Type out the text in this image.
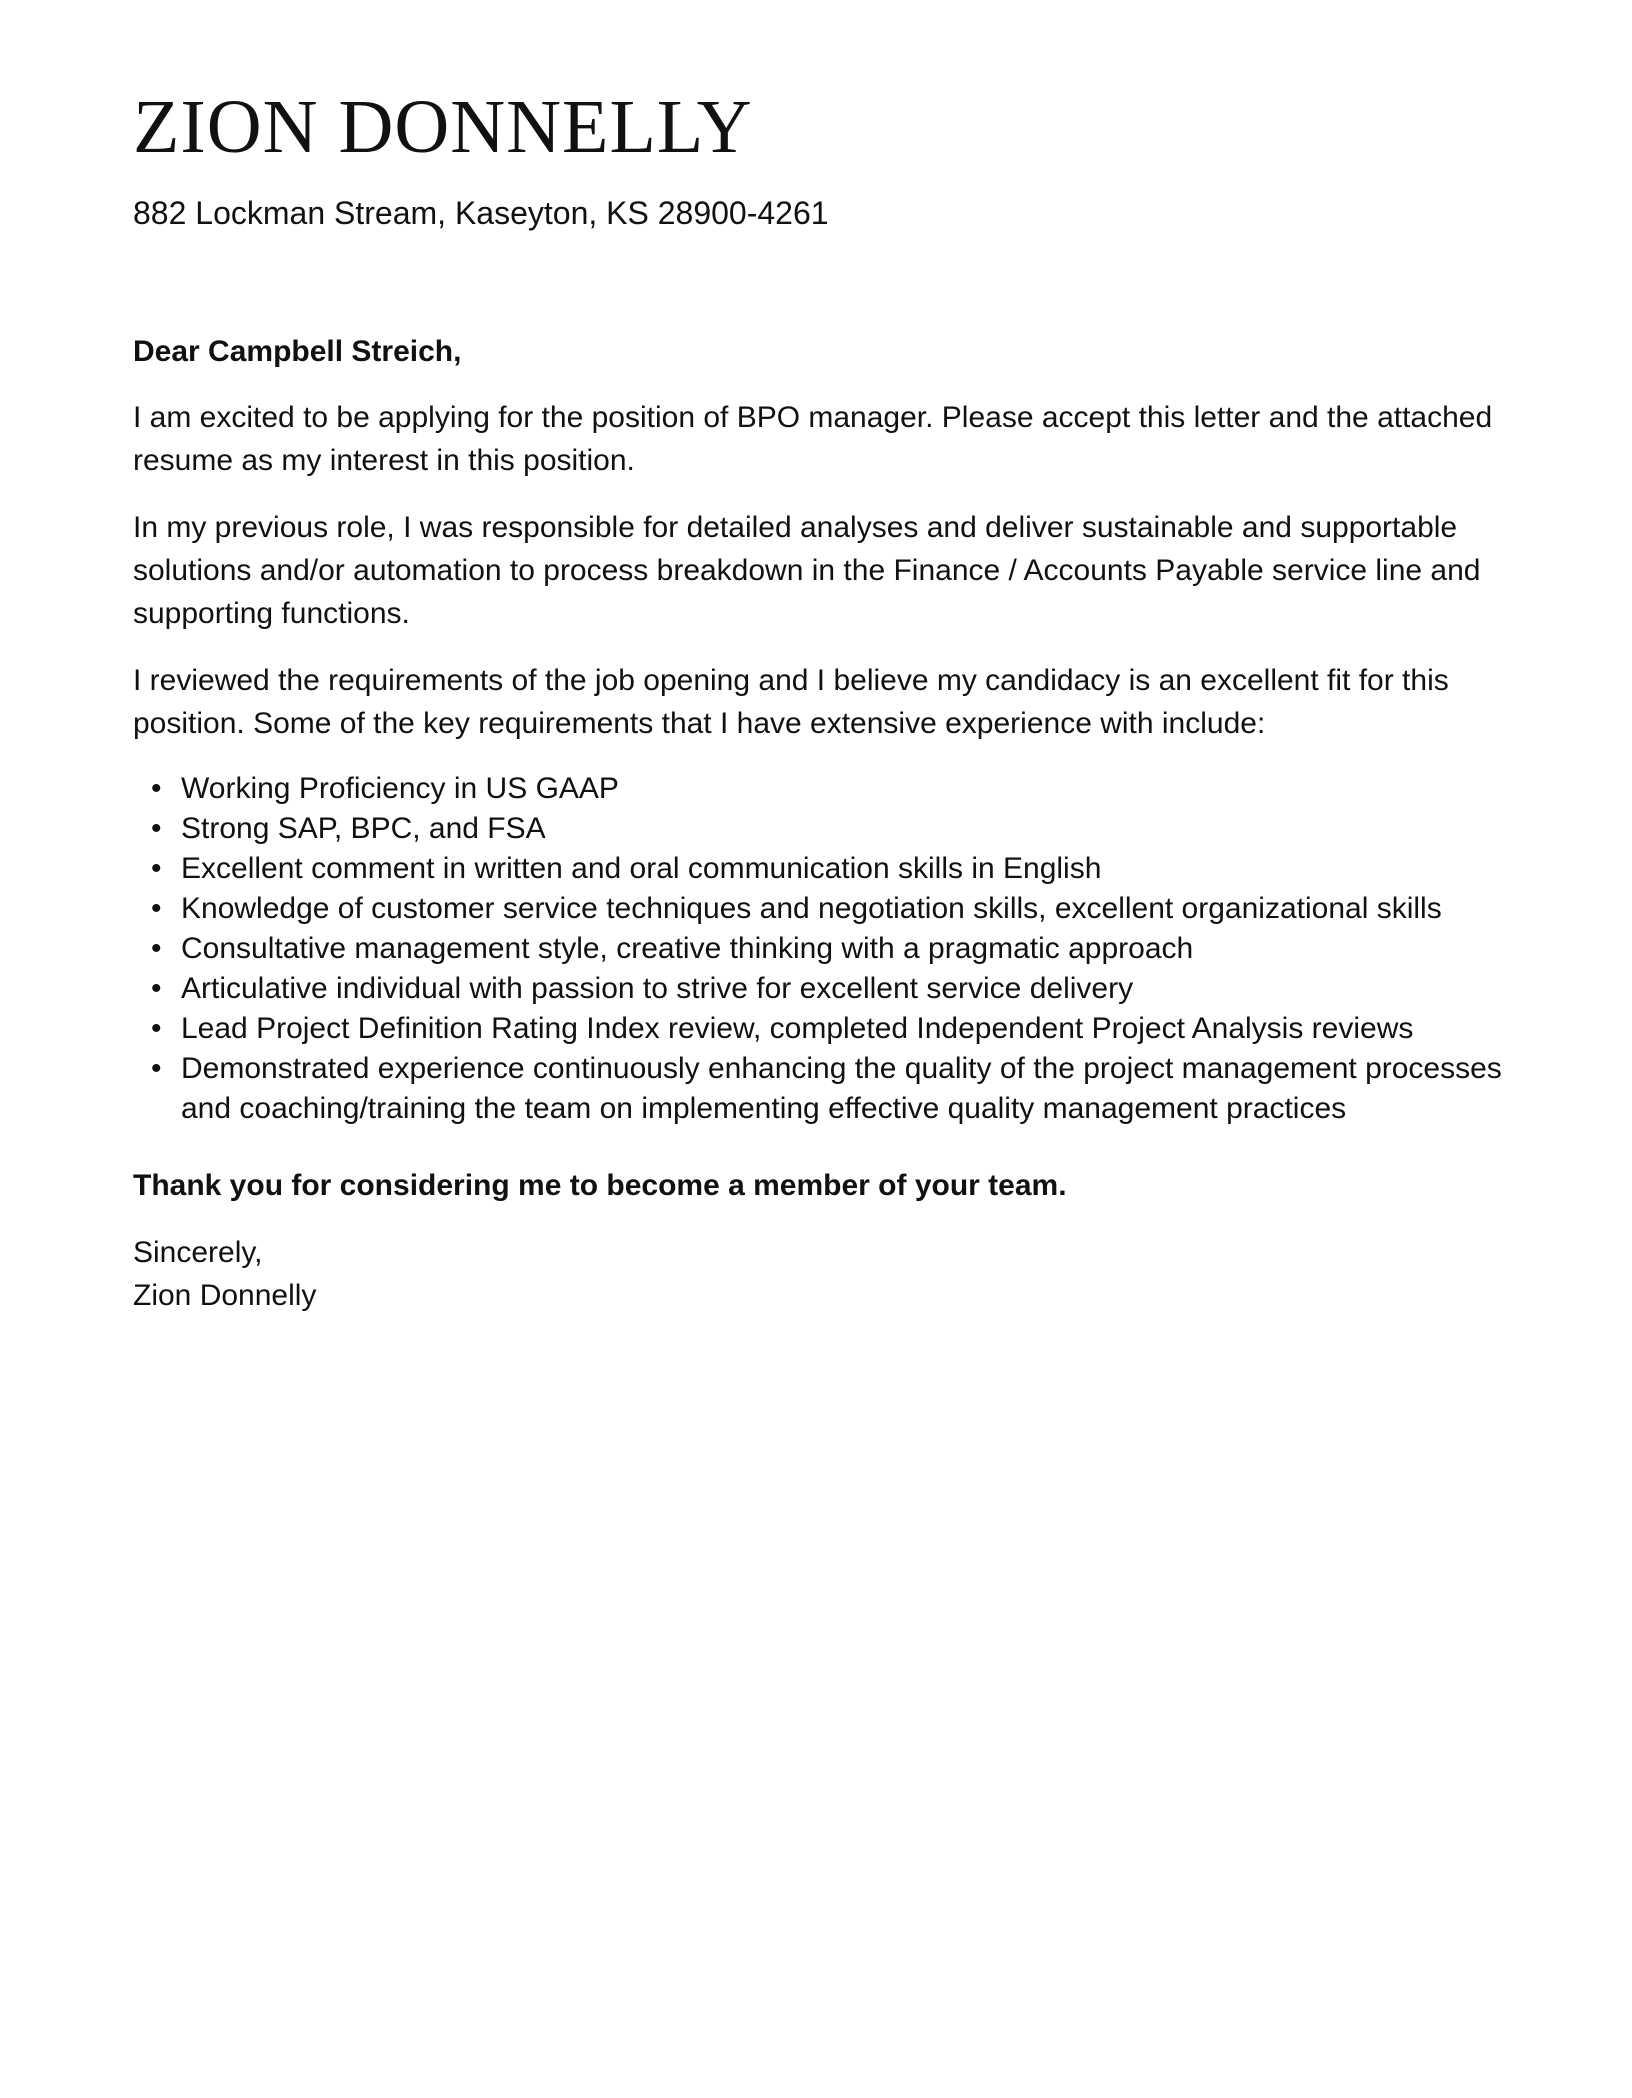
ZION DONNELLY
882 Lockman Stream, Kaseyton, KS 28900-4261

Dear Campbell Streich,

I am excited to be applying for the position of BPO manager. Please accept this letter and the attached resume as my interest in this position.

In my previous role, I was responsible for detailed analyses and deliver sustainable and supportable solutions and/or automation to process breakdown in the Finance / Accounts Payable service line and supporting functions.

I reviewed the requirements of the job opening and I believe my candidacy is an excellent fit for this position. Some of the key requirements that I have extensive experience with include:

• Working Proficiency in US GAAP
• Strong SAP, BPC, and FSA
• Excellent comment in written and oral communication skills in English
• Knowledge of customer service techniques and negotiation skills, excellent organizational skills
• Consultative management style, creative thinking with a pragmatic approach
• Articulative individual with passion to strive for excellent service delivery
• Lead Project Definition Rating Index review, completed Independent Project Analysis reviews
• Demonstrated experience continuously enhancing the quality of the project management processes and coaching/training the team on implementing effective quality management practices

Thank you for considering me to become a member of your team.

Sincerely,
Zion Donnelly
